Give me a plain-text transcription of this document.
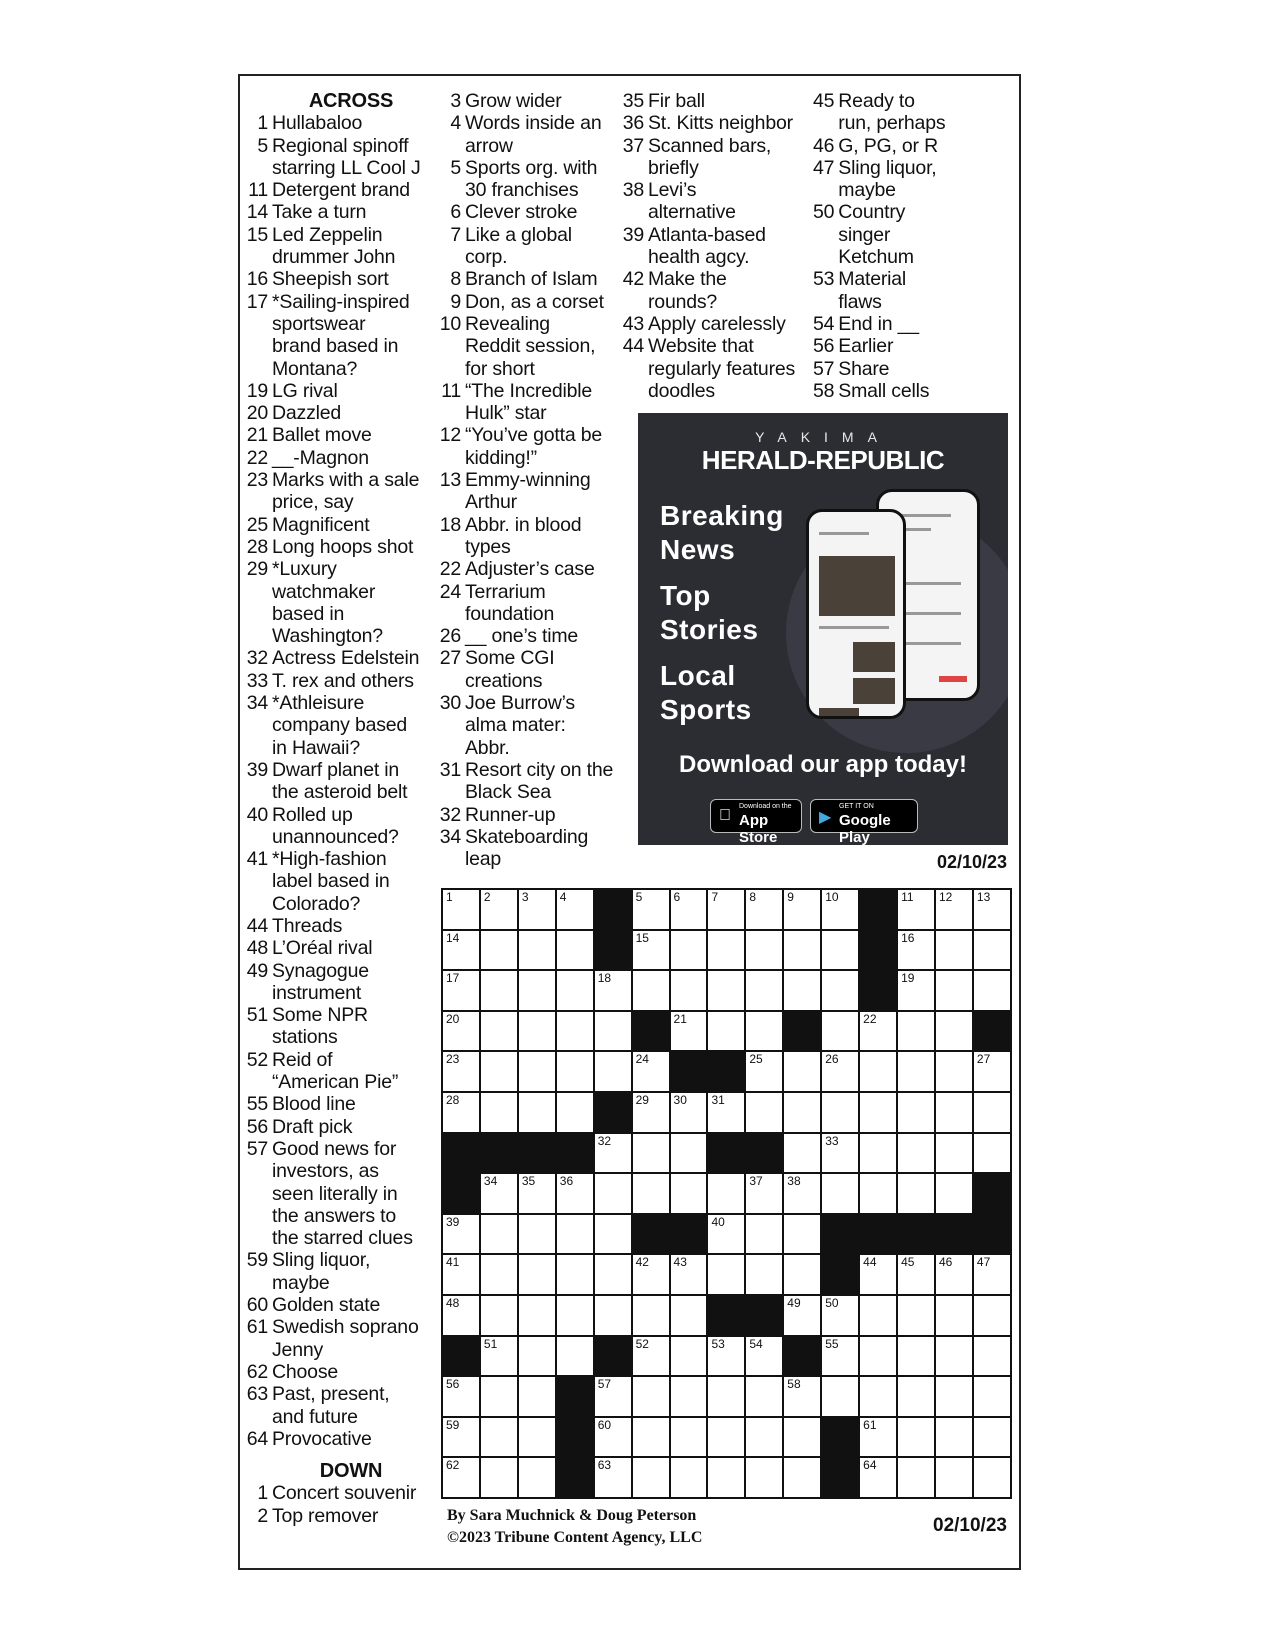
ACROSS
1 Hullabaloo
5 Regional spinoff
starring LL Cool J
11 Detergent brand
14 Take a turn
15 Led Zeppelin
drummer John
16 Sheepish sort
17 *Sailing-inspired
sportswear
brand based in
Montana?
19 LG rival
20 Dazzled
21 Ballet move
22 __-Magnon
23 Marks with a sale
price, say
25 Magnificent
28 Long hoops shot
29 *Luxury
watchmaker
based in
Washington?
32 Actress Edelstein
33 T. rex and others
34 *Athleisure
company based
in Hawaii?
39 Dwarf planet in
the asteroid belt
40 Rolled up
unannounced?
41 *High-fashion
label based in
Colorado?
44 Threads
48 L’Oréal rival
49 Synagogue
instrument
51 Some NPR
stations
52 Reid of
“American Pie”
55 Blood line
56 Draft pick
57 Good news for
investors, as
seen literally in
the answers to
the starred clues
59 Sling liquor,
maybe
60 Golden state
61 Swedish soprano
Jenny
62 Choose
63 Past, present,
and future
64 Provocative
DOWN
1 Concert souvenir
2 Top remover
3 Grow wider
4 Words inside an
arrow
5 Sports org. with
30 franchises
6 Clever stroke
7 Like a global
corp.
8 Branch of Islam
9 Don, as a corset
10 Revealing
Reddit session,
for short
11 “The Incredible
Hulk” star
12 “You’ve gotta be
kidding!”
13 Emmy-winning
Arthur
18 Abbr. in blood
types
22 Adjuster’s case
24 Terrarium
foundation
26 __ one’s time
27 Some CGI
creations
30 Joe Burrow’s
alma mater:
Abbr.
31 Resort city on the
Black Sea
32 Runner-up
34 Skateboarding
leap
35 Fir ball
36 St. Kitts neighbor
37 Scanned bars,
briefly
38 Levi’s
alternative
39 Atlanta-based
health agcy.
42 Make the
rounds?
43 Apply carelessly
44 Website that
regularly features
doodles
45 Ready to
run, perhaps
46 G, PG, or R
47 Sling liquor,
maybe
50 Country
singer
Ketchum
53 Material
flaws
54 End in __
56 Earlier
57 Share
58 Small cells
YAKIMA
HERALD-REPUBLIC
Breaking
News
Top
Stories
Local
Sports
Download our app today!
Download on the
App Store
▶
GET IT ON
Google Play
02/10/23
1	2	3	4	5	6	7	8	9	10	11 12 13
14	15	16
17	18	19
20	21	22
23	24	25	26	27
28	29 30 31
32	33
34 35 36	37 38
39	40
41	42 43	44 45 46 47
48	49 50
51	52	53 54	55
56	57	58
59	60	61
62	63	64
By Sara Muchnick & Doug Peterson
©2023 Tribune Content Agency, LLC
02/10/23
